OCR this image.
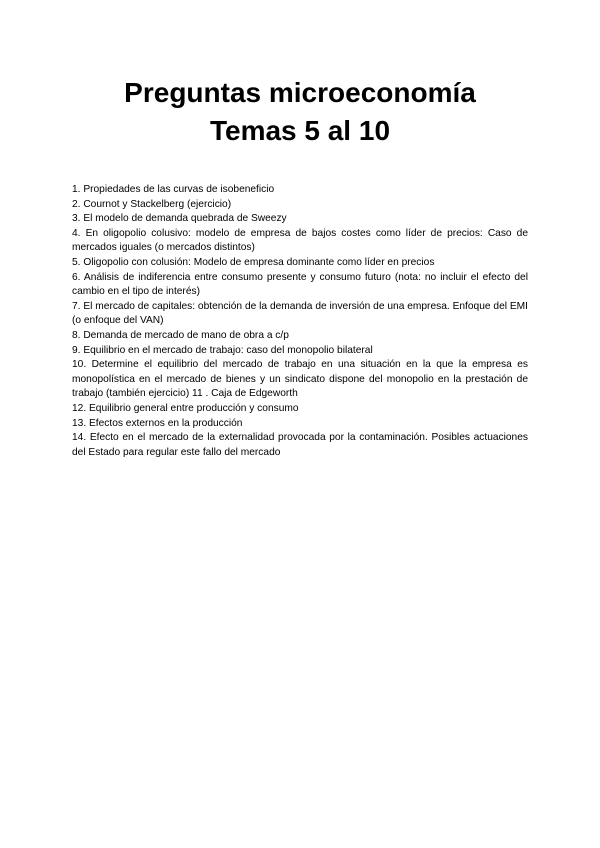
Preguntas microeconomía

Temas 5 al 10

1. Propiedades de las curvas de isobeneficio
2. Cournot y Stackelberg (ejercicio)
3. El modelo de demanda quebrada de Sweezy
4. En oligopolio colusivo: modelo de empresa de bajos costes como líder de precios: Caso de mercados iguales (o mercados distintos)
5. Oligopolio con colusión: Modelo de empresa dominante como líder en precios
6. Análisis de indiferencia entre consumo presente y consumo futuro (nota: no incluir el efecto del cambio en el tipo de interés)
7. El mercado de capitales: obtención de la demanda de inversión de una empresa. Enfoque del EMI (o enfoque del VAN)
8. Demanda de mercado de mano de obra a c/p
9. Equilibrio en el mercado de trabajo: caso del monopolio bilateral
10. Determine el equilibrio del mercado de trabajo en una situación en la que la empresa es monopolística en el mercado de bienes y un sindicato dispone del monopolio en la prestación de trabajo (también ejercicio) 11 . Caja de Edgeworth
12. Equilibrio general entre producción y consumo
13. Efectos externos en la producción
14. Efecto en el mercado de la externalidad provocada por la contaminación. Posibles actuaciones del Estado para regular este fallo del mercado
